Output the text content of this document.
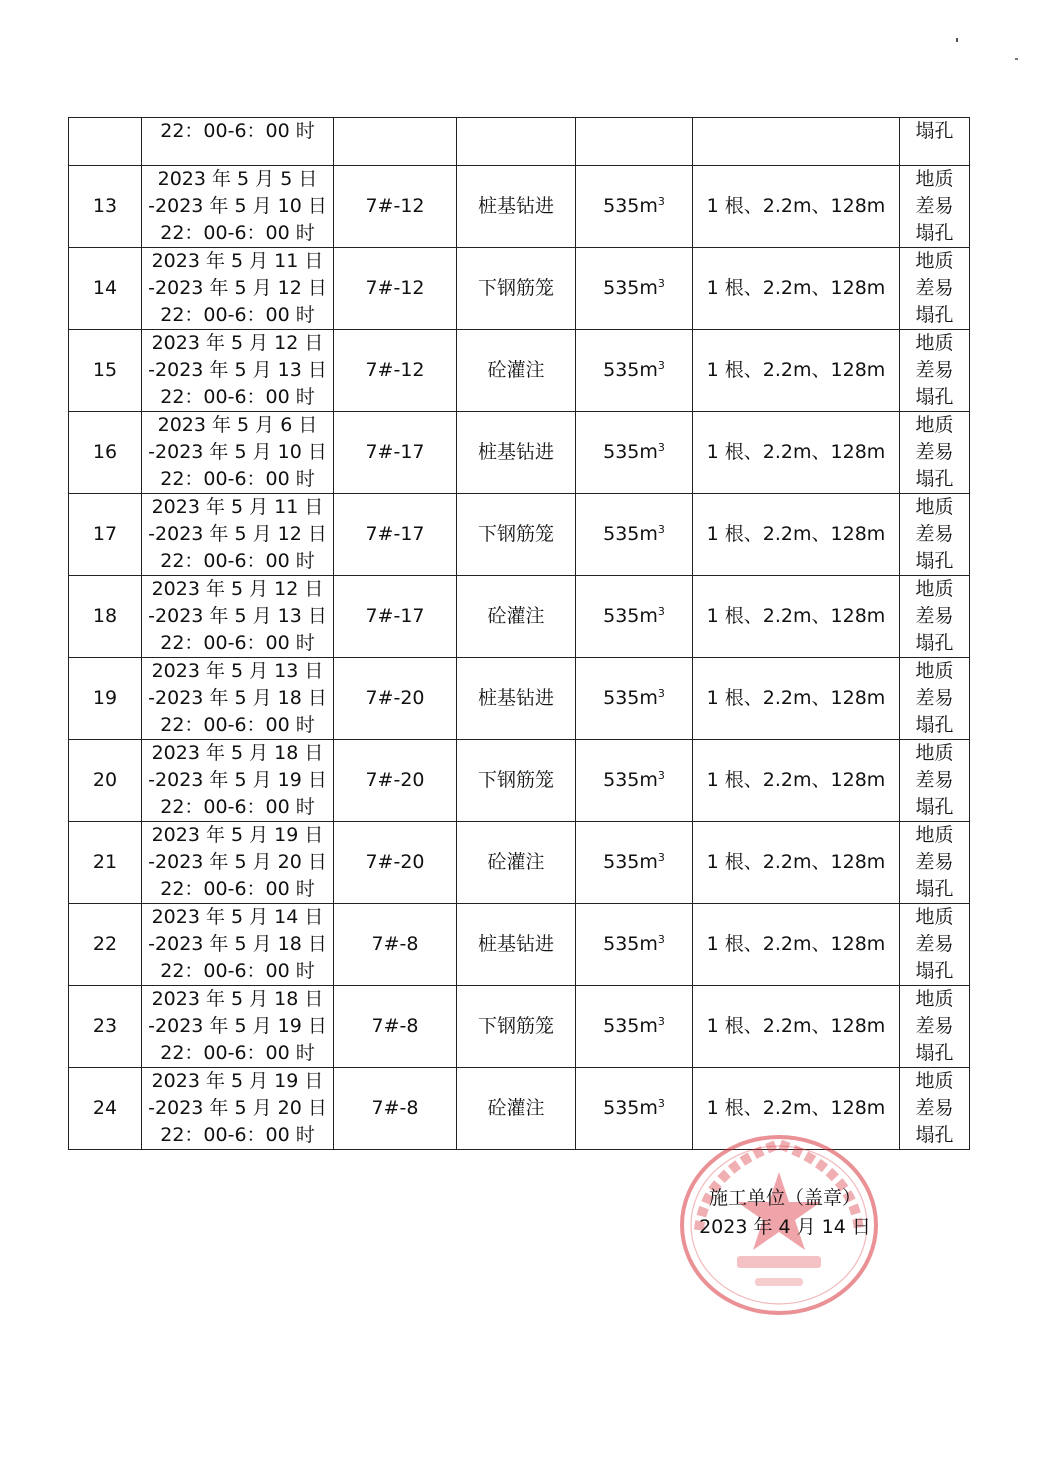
	22：00-6：00 时					塌孔

13	2023 年 5 月 5 日
-2023 年 5 月 10 日
22：00-6：00 时	7#-12	桩基钻进	$535m^3$	1 根、2.2m、128m	地质
差易
塌孔

14	2023 年 5 月 11 日
-2023 年 5 月 12 日
22：00-6：00 时	7#-12	下钢筋笼	$535m^3$	1 根、2.2m、128m	地质
差易
塌孔

15	2023 年 5 月 12 日
-2023 年 5 月 13 日
22：00-6：00 时	7#-12	砼灌注	$535m^3$	1 根、2.2m、128m	地质
差易
塌孔

16	2023 年 5 月 6 日
-2023 年 5 月 10 日
22：00-6：00 时	7#-17	桩基钻进	$535m^3$	1 根、2.2m、128m	地质
差易
塌孔

17	2023 年 5 月 11 日
-2023 年 5 月 12 日
22：00-6：00 时	7#-17	下钢筋笼	$535m^3$	1 根、2.2m、128m	地质
差易
塌孔

18	2023 年 5 月 12 日
-2023 年 5 月 13 日
22：00-6：00 时	7#-17	砼灌注	$535m^3$	1 根、2.2m、128m	地质
差易
塌孔

19	2023 年 5 月 13 日
-2023 年 5 月 18 日
22：00-6：00 时	7#-20	桩基钻进	$535m^3$	1 根、2.2m、128m	地质
差易
塌孔

20	2023 年 5 月 18 日
-2023 年 5 月 19 日
22：00-6：00 时	7#-20	下钢筋笼	$535m^3$	1 根、2.2m、128m	地质
差易
塌孔

21	2023 年 5 月 19 日
-2023 年 5 月 20 日
22：00-6：00 时	7#-20	砼灌注	$535m^3$	1 根、2.2m、128m	地质
差易
塌孔

22	2023 年 5 月 14 日
-2023 年 5 月 18 日
22：00-6：00 时	7#-8	桩基钻进	$535m^3$	1 根、2.2m、128m	地质
差易
塌孔

23	2023 年 5 月 18 日
-2023 年 5 月 19 日
22：00-6：00 时	7#-8	下钢筋笼	$535m^3$	1 根、2.2m、128m	地质
差易
塌孔

24	2023 年 5 月 19 日
-2023 年 5 月 20 日
22：00-6：00 时	7#-8	砼灌注	$535m^3$	1 根、2.2m、128m	地质
差易
塌孔
施工单位（盖章）
2023 年 4 月 14 日
